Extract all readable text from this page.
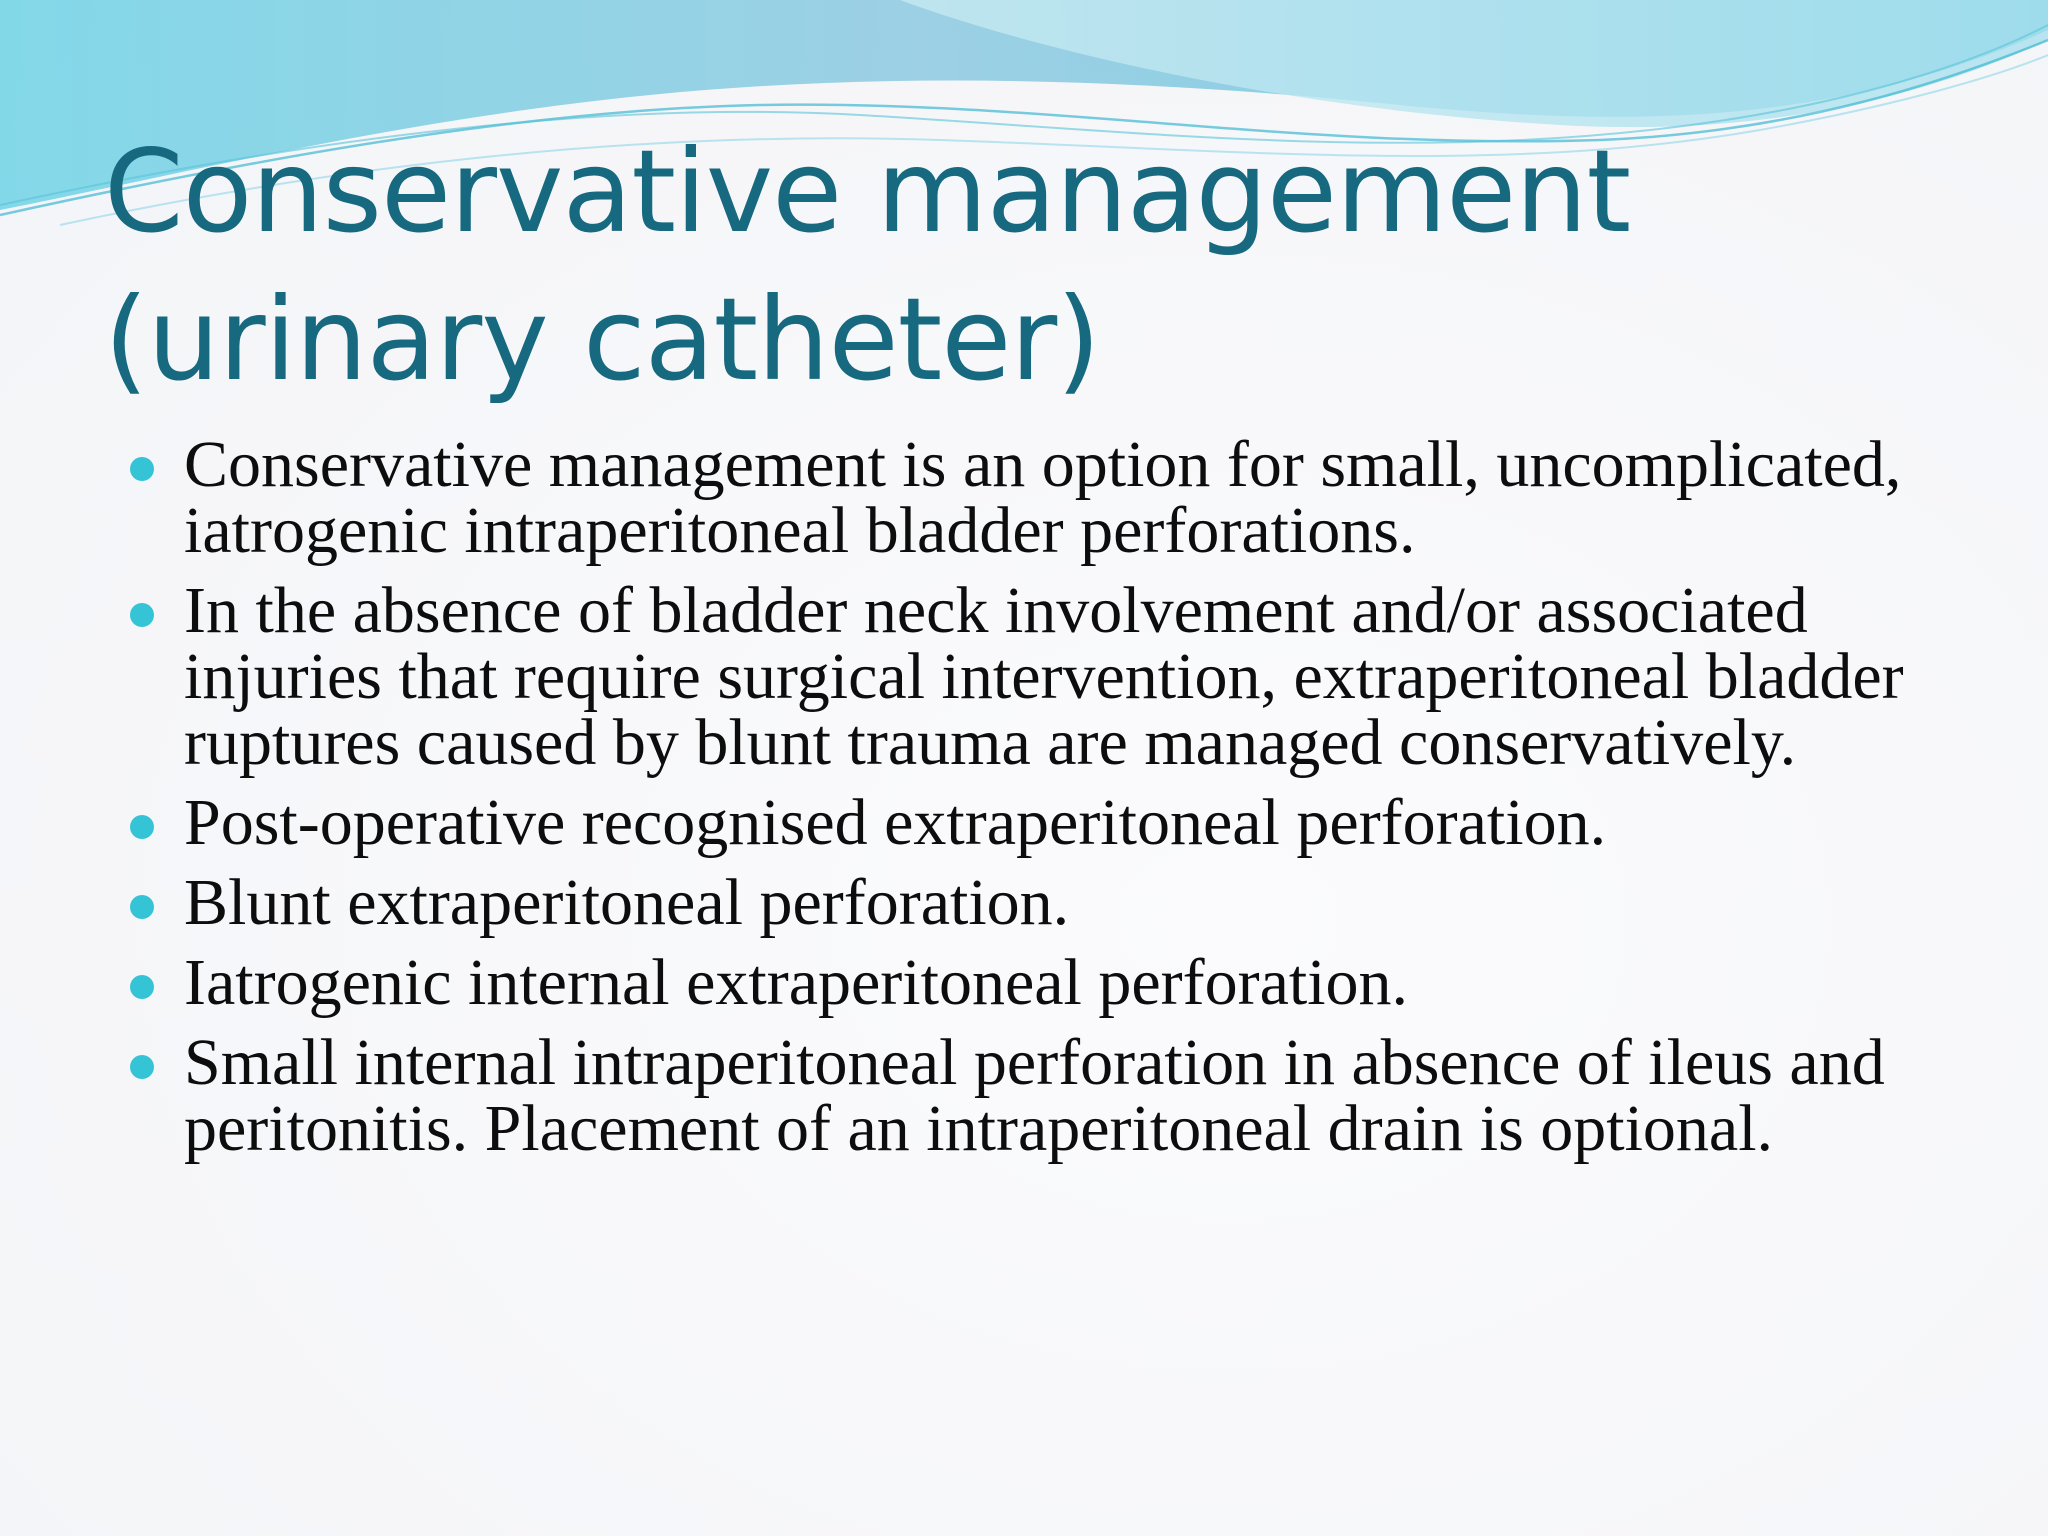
Conservative management
(urinary catheter)
Conservative management is an option for small, uncomplicated, iatrogenic intraperitoneal bladder perforations.
In the absence of bladder neck involvement and/or associated injuries that require surgical intervention, extraperitoneal bladder ruptures caused by blunt trauma are managed conservatively.
Post-operative recognised extraperitoneal perforation.
Blunt extraperitoneal perforation.
Iatrogenic internal extraperitoneal perforation.
Small internal intraperitoneal perforation in absence of ileus and peritonitis. Placement of an intraperitoneal drain is optional.
